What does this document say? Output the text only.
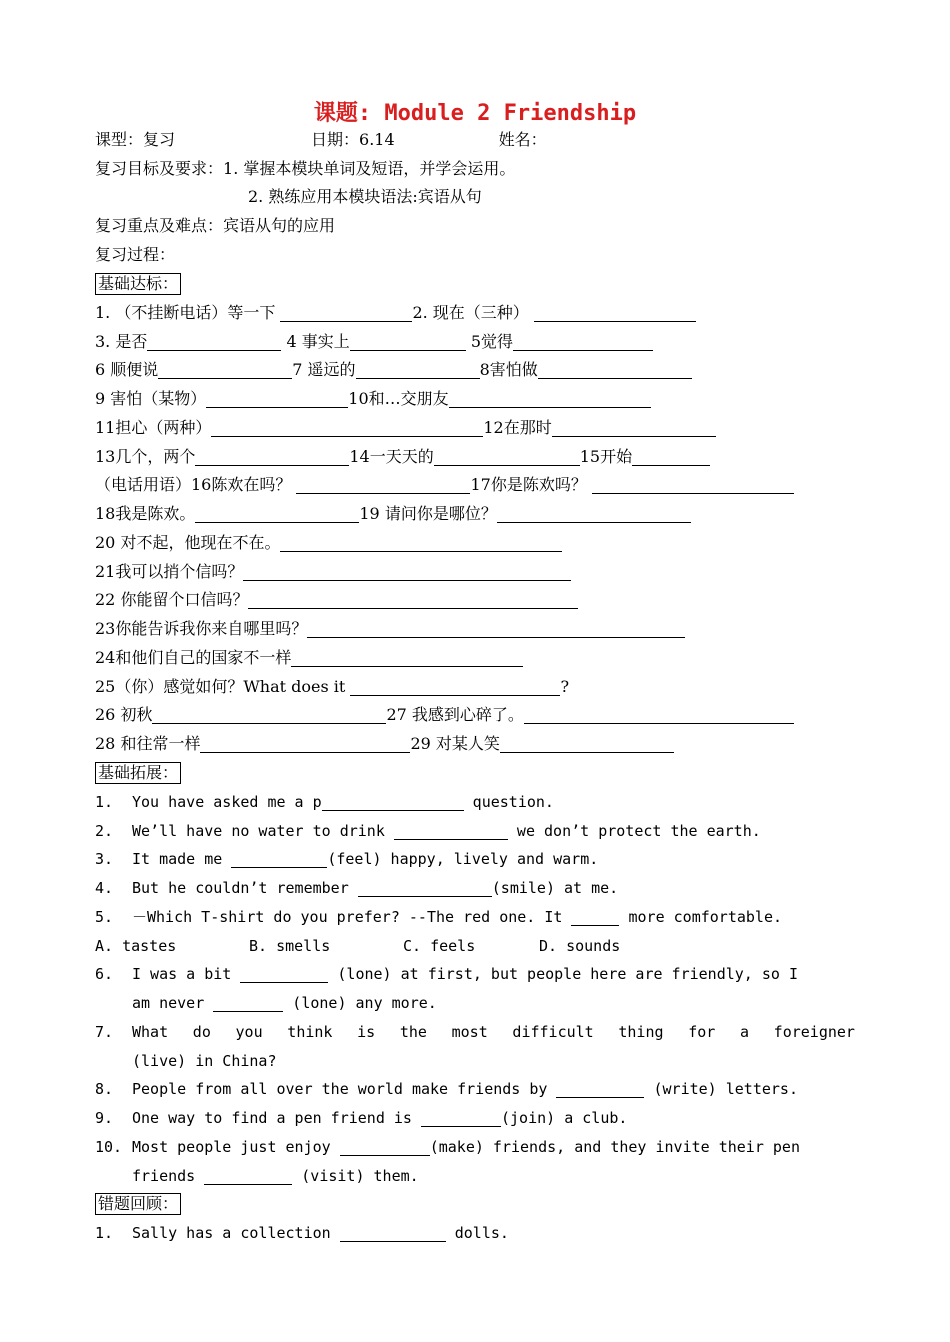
课题: Module 2 Friendship
课型：复习	日期：6.14	姓名：
复习目标及要求：1. 掌握本模块单词及短语，并学会运用。
2. 熟练应用本模块语法:宾语从句
复习重点及难点：宾语从句的应用
复习过程：
基础达标：
1. （不挂断电话）等一下	2. 现在（三种）
3. 是否	4 事实上	5觉得
6 顺便说	7 遥远的	8害怕做
9 害怕（某物）	10和…交朋友
11担心（两种）	12在那时
13几个，两个	14一天天的	15开始
（电话用语）16陈欢在吗？	17你是陈欢吗？
18我是陈欢。	19 请问你是哪位？
20 对不起，他现在不在。
21我可以捎个信吗？
22 你能留个口信吗？
23你能告诉我你来自哪里吗？
24和他们自己的国家不一样
25（你）感觉如何？What does it	?
26 初秋	27 我感到心碎了。
28 和往常一样	29 对某人笑
基础拓展：
1. You have asked me a p	question.
2. We’ll have no water to drink	we don’t protect the earth.
3. It made me	(feel) happy, lively and warm.
4. But he couldn’t remember	(smile) at me.
5. －Which T-shirt do you prefer? --The red one. It	more comfortable.
A. tastes	B. smells	C. feels	D. sounds
6. I was a bit	(lone) at first, but people here are friendly, so I
am never	(lone) any more.
7. What do you think is the most difficult thing for a foreigner
(live) in China?
8. People from all over the world make friends by	(write) letters.
9. One way to find a pen friend is	(join) a club.
10. Most people just enjoy	(make) friends, and they invite their pen
friends	(visit) them.
错题回顾：
1. Sally has a collection	dolls.
